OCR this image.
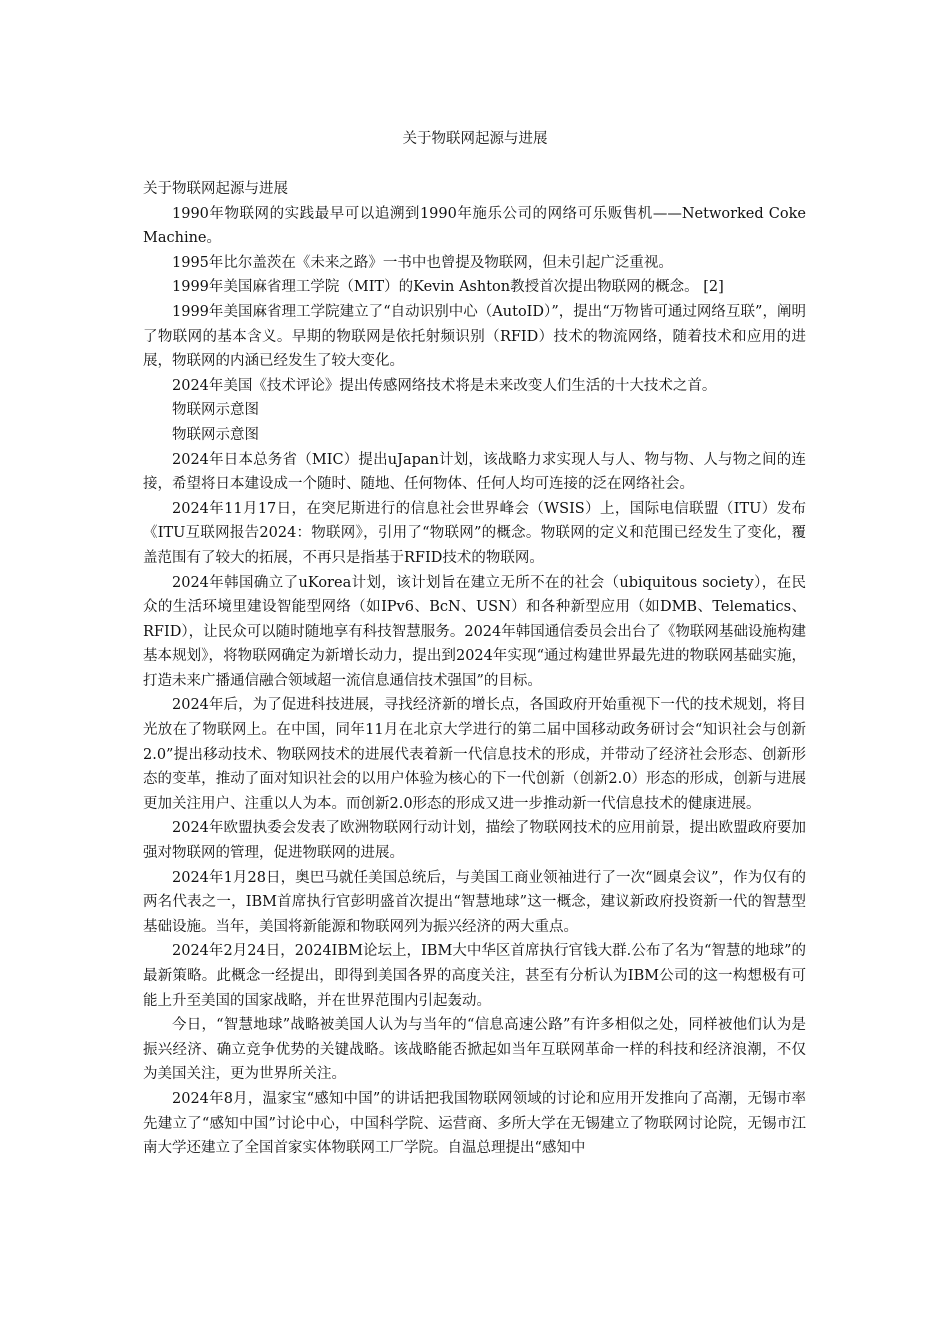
关于物联网起源与进展

关于物联网起源与进展

1990年物联网的实践最早可以追溯到1990年施乐公司的网络可乐贩售机——Networked Coke Machine。

1995年比尔盖茨在《未来之路》一书中也曾提及物联网，但未引起广泛重视。

1999年美国麻省理工学院（MIT）的Kevin Ashton教授首次提出物联网的概念。 [2]

1999年美国麻省理工学院建立了“自动识别中心（AutoID）”，提出“万物皆可通过网络互联”，阐明了物联网的基本含义。早期的物联网是依托射频识别（RFID）技术的物流网络，随着技术和应用的进展，物联网的内涵已经发生了较大变化。

2024年美国《技术评论》提出传感网络技术将是未来改变人们生活的十大技术之首。

物联网示意图

物联网示意图

2024年日本总务省（MIC）提出uJapan计划，该战略力求实现人与人、物与物、人与物之间的连接，希望将日本建设成一个随时、随地、任何物体、任何人均可连接的泛在网络社会。

2024年11月17日，在突尼斯进行的信息社会世界峰会（WSIS）上，国际电信联盟（ITU）发布《ITU互联网报告2024：物联网》，引用了“物联网”的概念。物联网的定义和范围已经发生了变化，覆盖范围有了较大的拓展，不再只是指基于RFID技术的物联网。

2024年韩国确立了uKorea计划，该计划旨在建立无所不在的社会（ubiquitous society），在民众的生活环境里建设智能型网络（如IPv6、BcN、USN）和各种新型应用（如DMB、Telematics、RFID），让民众可以随时随地享有科技智慧服务。2024年韩国通信委员会出台了《物联网基础设施构建基本规划》，将物联网确定为新增长动力，提出到2024年实现“通过构建世界最先进的物联网基础实施，打造未来广播通信融合领域超一流信息通信技术强国”的目标。

2024年后，为了促进科技进展，寻找经济新的增长点，各国政府开始重视下一代的技术规划，将目光放在了物联网上。在中国，同年11月在北京大学进行的第二届中国移动政务研讨会“知识社会与创新2.0”提出移动技术、物联网技术的进展代表着新一代信息技术的形成，并带动了经济社会形态、创新形态的变革，推动了面对知识社会的以用户体验为核心的下一代创新（创新2.0）形态的形成，创新与进展更加关注用户、注重以人为本。而创新2.0形态的形成又进一步推动新一代信息技术的健康进展。

2024年欧盟执委会发表了欧洲物联网行动计划，描绘了物联网技术的应用前景，提出欧盟政府要加强对物联网的管理，促进物联网的进展。

2024年1月28日，奥巴马就任美国总统后，与美国工商业领袖进行了一次“圆桌会议”，作为仅有的两名代表之一，IBM首席执行官彭明盛首次提出“智慧地球”这一概念，建议新政府投资新一代的智慧型基础设施。当年，美国将新能源和物联网列为振兴经济的两大重点。

2024年2月24日，2024IBM论坛上，IBM大中华区首席执行官钱大群.公布了名为“智慧的地球”的最新策略。此概念一经提出，即得到美国各界的高度关注，甚至有分析认为IBM公司的这一构想极有可能上升至美国的国家战略，并在世界范围内引起轰动。

今日，“智慧地球”战略被美国人认为与当年的“信息高速公路”有许多相似之处，同样被他们认为是振兴经济、确立竞争优势的关键战略。该战略能否掀起如当年互联网革命一样的科技和经济浪潮，不仅为美国关注，更为世界所关注。

2024年8月，温家宝“感知中国”的讲话把我国物联网领域的讨论和应用开发推向了高潮，无锡市率先建立了“感知中国”讨论中心，中国科学院、运营商、多所大学在无锡建立了物联网讨论院，无锡市江南大学还建立了全国首家实体物联网工厂学院。自温总理提出“感知中
